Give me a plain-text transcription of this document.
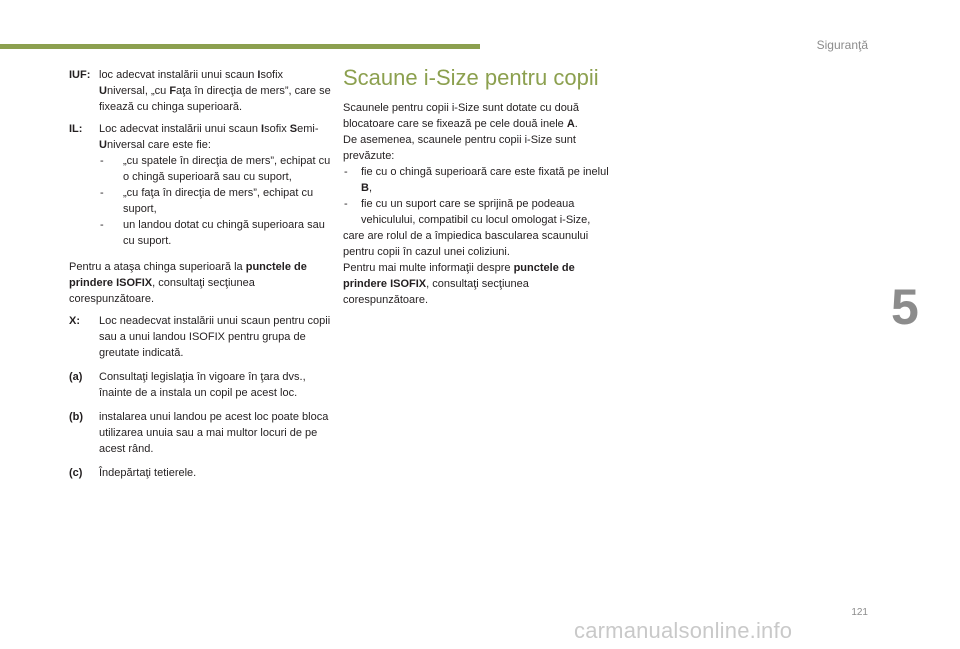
Siguranţă
5
IUF: loc adecvat instalării unui scaun Isofix Universal, „cu Faţa în direcţia de mers”, care se fixează cu chinga superioară.
IL:	Loc adecvat instalării unui scaun Isofix Semi-Universal care este fie:
-	„cu spatele în direcţia de mers”, echipat cu o chingă superioară sau cu suport,
-	„cu faţa în direcţia de mers”, echipat cu suport,
-	un landou dotat cu chingă superioara sau cu suport.
Pentru a ataşa chinga superioară la punctele de prindere ISOFIX, consultaţi secţiunea corespunzătoare.
X:	Loc neadecvat instalării unui scaun pentru copii sau a unui landou ISOFIX pentru grupa de greutate indicată.
(a)	Consultaţi legislaţia în vigoare în ţara dvs., înainte de a instala un copil pe acest loc.
(b)	instalarea unui landou pe acest loc poate bloca utilizarea unuia sau a mai multor locuri de pe acest rând.
(c)	Îndepărtaţi tetierele.
Scaune i-Size pentru copii
Scaunele pentru copii i-Size sunt dotate cu două blocatoare care se fixează pe cele două inele A.
De asemenea, scaunele pentru copii i-Size sunt prevăzute:
-	fie cu o chingă superioară care este fixată pe inelul B,
-	fie cu un suport care se sprijină pe podeaua vehiculului, compatibil cu locul omologat i-Size,
care are rolul de a împiedica bascularea scaunului pentru copii în cazul unei coliziuni.
Pentru mai multe informaţii despre punctele de prindere ISOFIX, consultaţi secţiunea corespunzătoare.
121
carmanualsonline.info
